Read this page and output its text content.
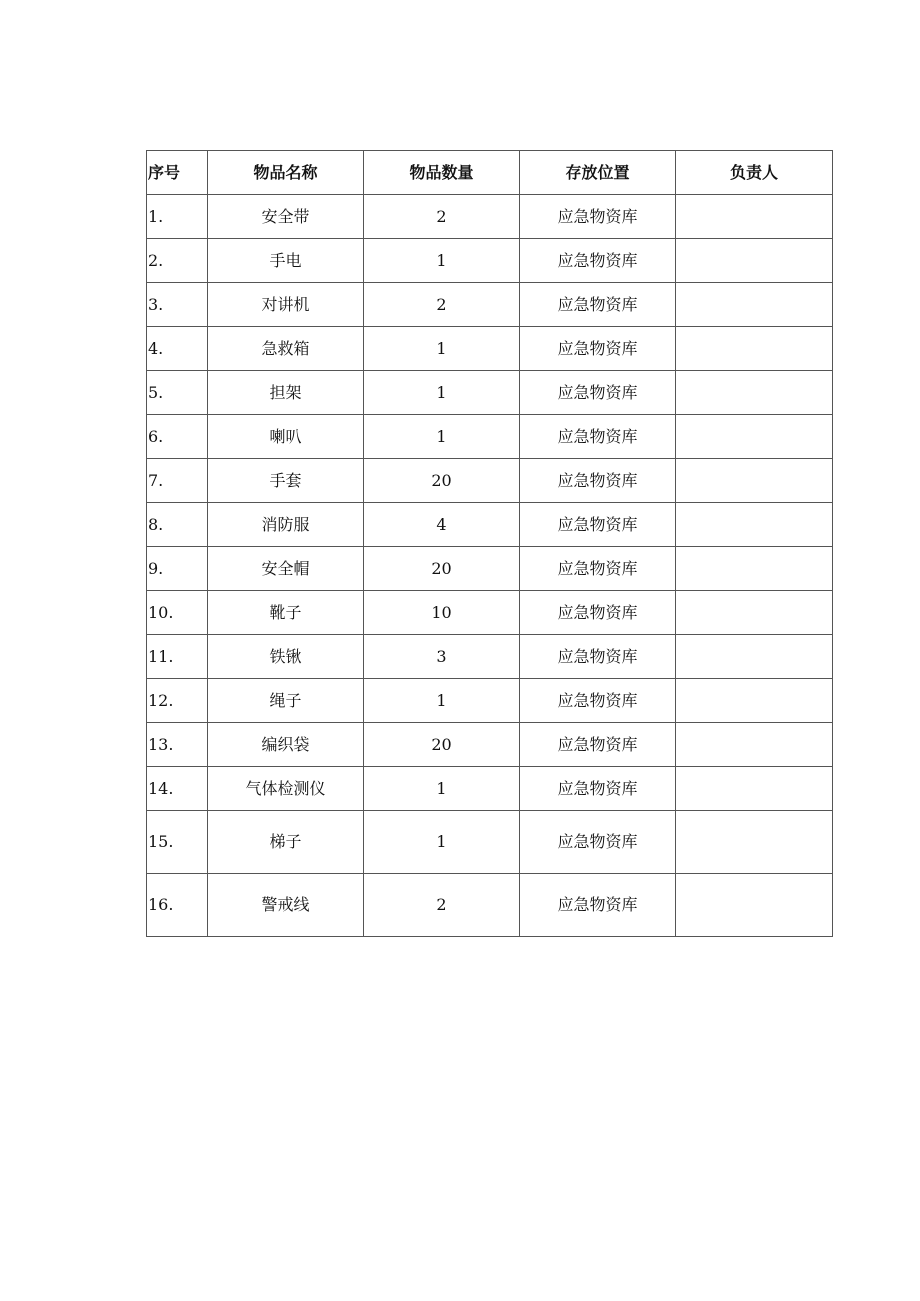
序号	物品名称	物品数量	存放位置	负责人
1.	安全带	2	应急物资库	
2.	手电	1	应急物资库	
3.	对讲机	2	应急物资库	
4.	急救箱	1	应急物资库	
5.	担架	1	应急物资库	
6.	喇叭	1	应急物资库	
7.	手套	20	应急物资库	
8.	消防服	4	应急物资库	
9.	安全帽	20	应急物资库	
10.	靴子	10	应急物资库	
11.	铁锹	3	应急物资库	
12.	绳子	1	应急物资库	
13.	编织袋	20	应急物资库	
14.	气体检测仪	1	应急物资库	
15.	梯子	1	应急物资库	
16.	警戒线	2	应急物资库	
